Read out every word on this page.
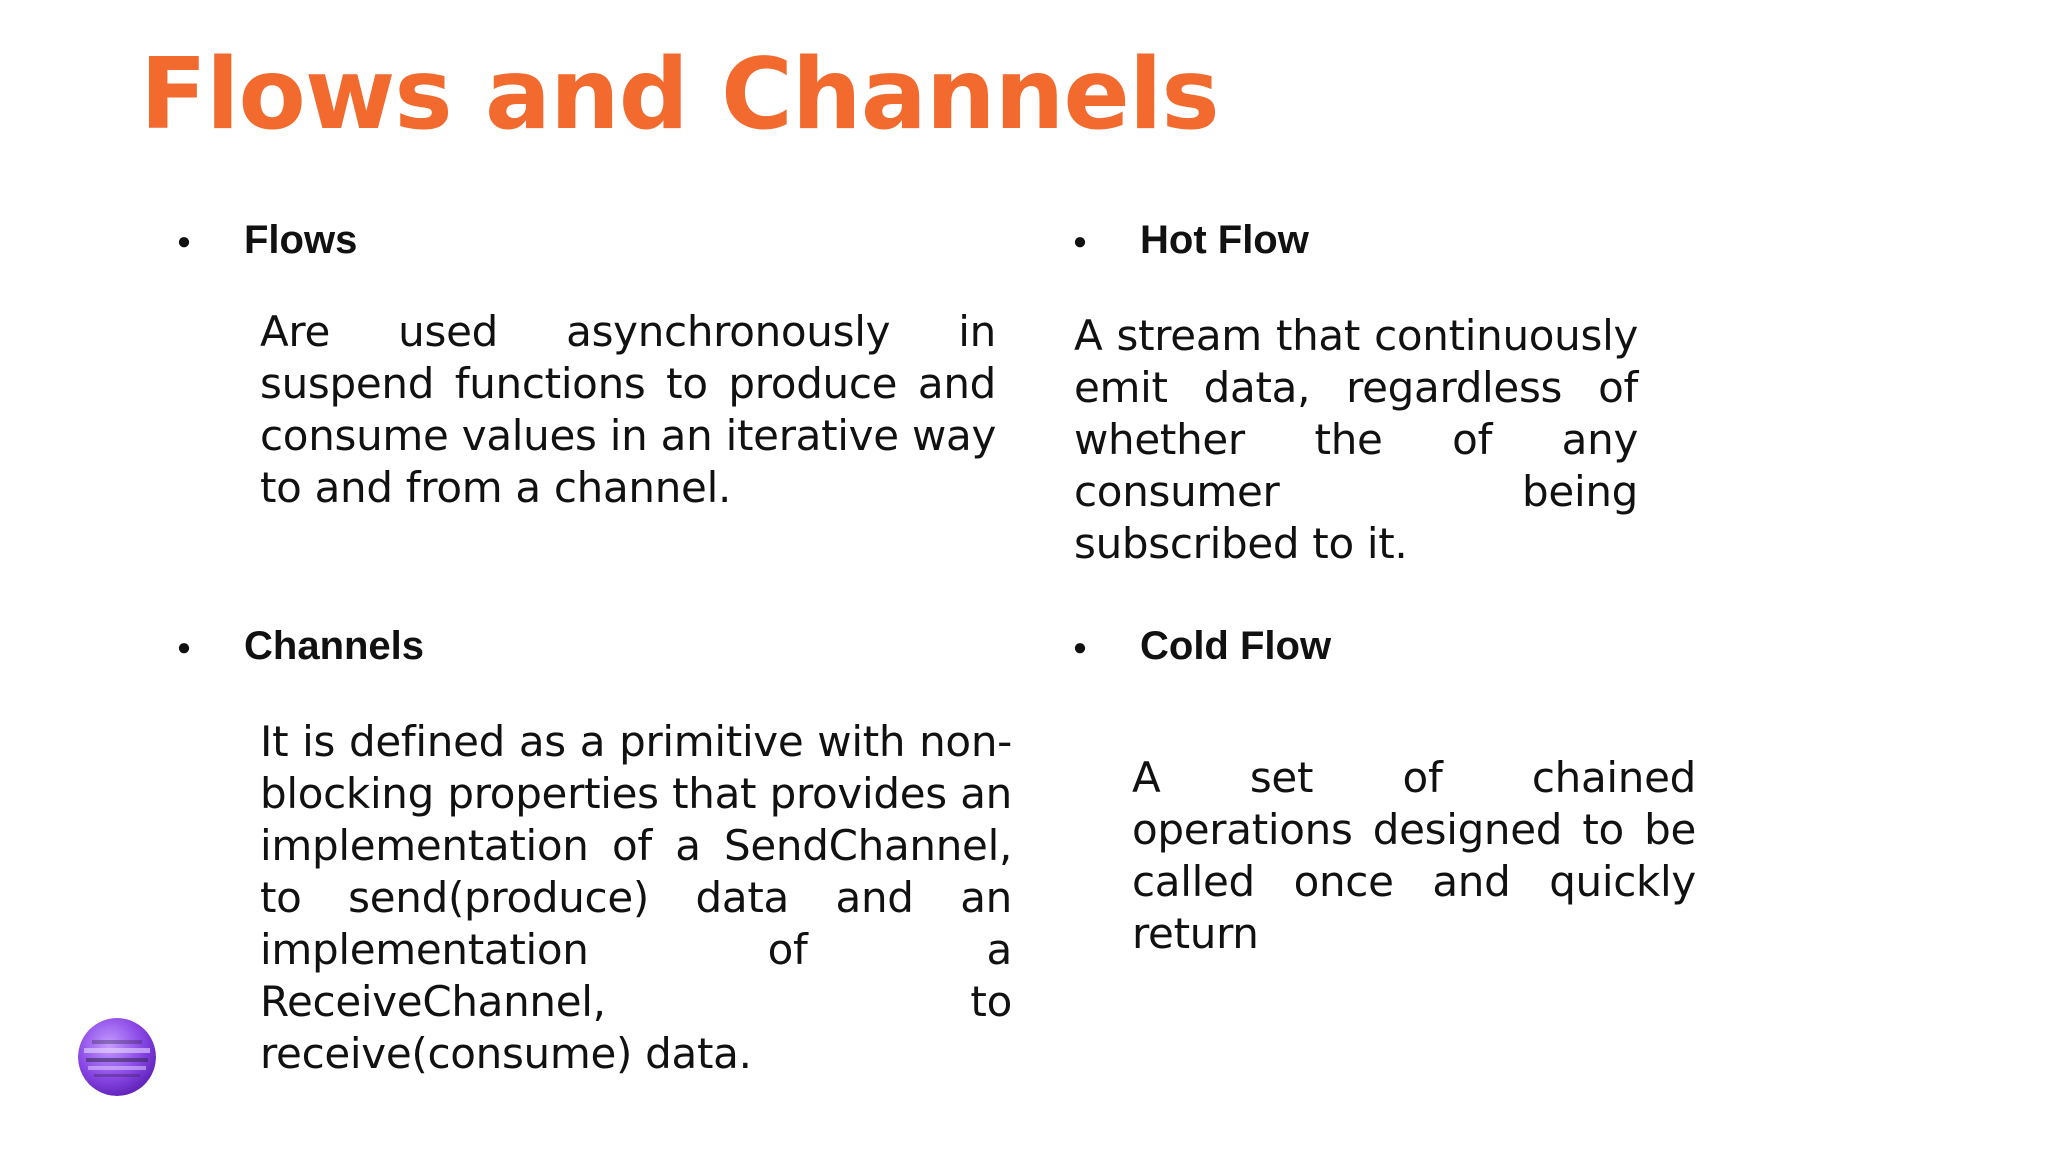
Flows and Channels
● Flows

Are used asynchronously in suspend functions to produce and consume values in an iterative way to and from a channel.

● Hot Flow

A stream that continuously emit data, regardless of whether the of any consumer being subscribed to it.

● Channels

It is defined as a primitive with non-blocking properties that provides an implementation of a SendChannel, to send(produce) data and an implementation of a ReceiveChannel, to receive(consume) data.

● Cold Flow

A set of chained operations designed to be called once and quickly return
